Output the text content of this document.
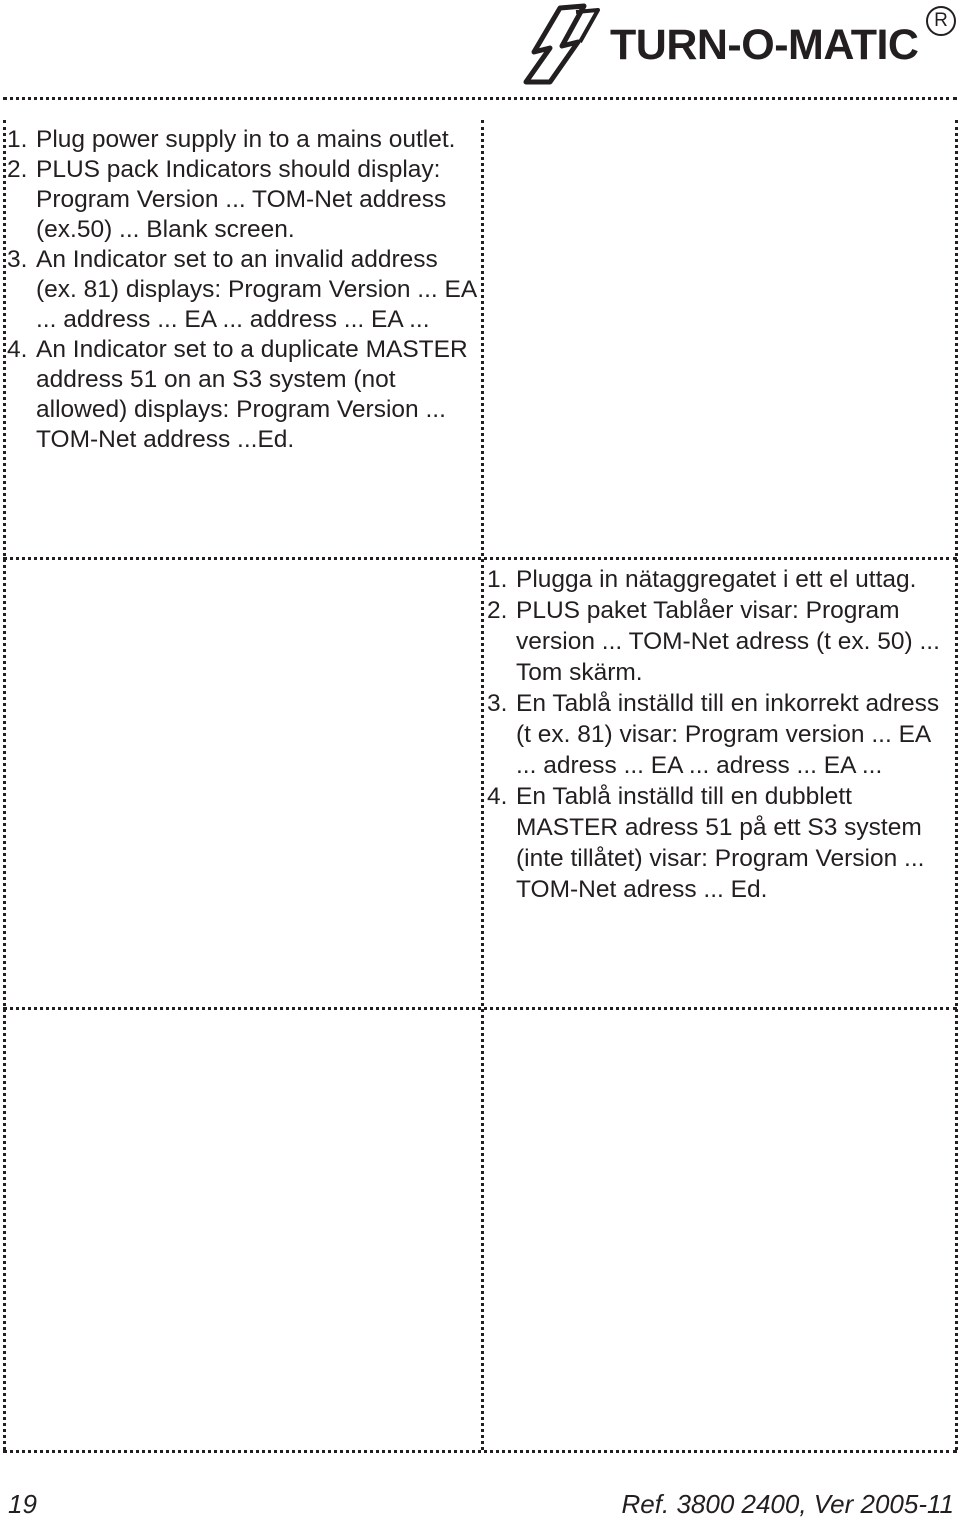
TURN-O-MATIC
R
1. Plug power supply in to a mains outlet.
2. PLUS pack Indicators should display: Program Version ... TOM-Net address (ex.50) ... Blank screen.
3. An Indicator set to an invalid address (ex. 81) displays: Program Version ... EA ... address ... EA ... address ... EA ...
4. An Indicator set to a duplicate MASTER address 51 on an S3 system (not allowed) displays: Program Version ... TOM-Net address ...Ed.
1. Plugga in nätaggregatet i ett el uttag.
2. PLUS paket Tablåer visar: Program version ... TOM-Net adress (t ex. 50) ... Tom skärm.
3. En Tablå inställd till en inkorrekt adress (t ex. 81) visar: Program version ... EA ... adress ... EA ... adress ... EA ...
4. En Tablå inställd till en dubblett MASTER adress 51 på ett S3 system (inte tillåtet) visar: Program Version ... TOM-Net adress ... Ed.
19	Ref. 3800 2400, Ver 2005-11
